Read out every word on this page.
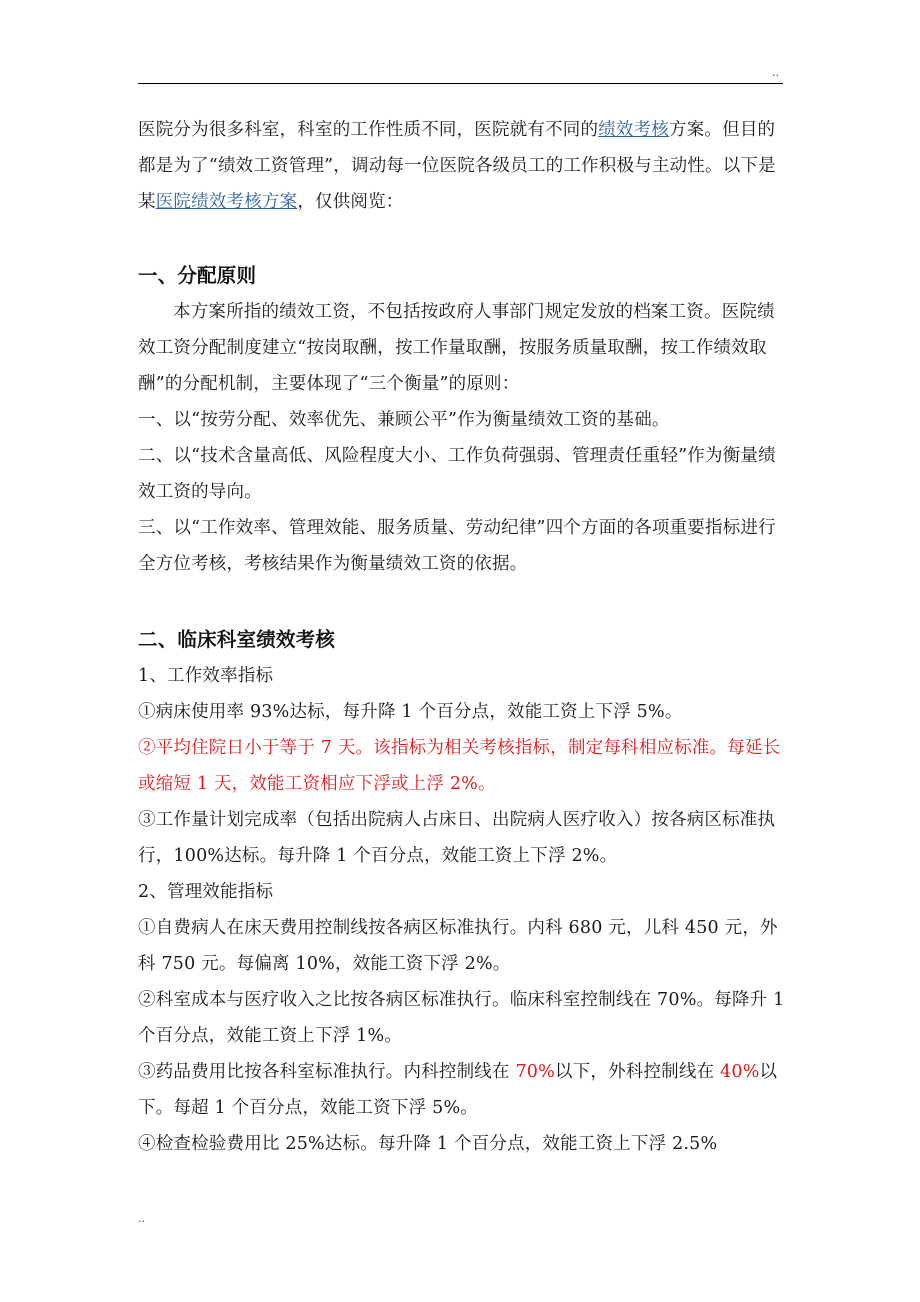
..

医院分为很多科室，科室的工作性质不同，医院就有不同的绩效考核方案。但目的都是为了“绩效工资管理”，调动每一位医院各级员工的工作积极与主动性。以下是某医院绩效考核方案，仅供阅览：

一、分配原则

本方案所指的绩效工资，不包括按政府人事部门规定发放的档案工资。医院绩效工资分配制度建立“按岗取酬，按工作量取酬，按服务质量取酬，按工作绩效取酬”的分配机制，主要体现了“三个衡量”的原则：

一、以“按劳分配、效率优先、兼顾公平”作为衡量绩效工资的基础。

二、以“技术含量高低、风险程度大小、工作负荷强弱、管理责任重轻”作为衡量绩效工资的导向。

三、以“工作效率、管理效能、服务质量、劳动纪律”四个方面的各项重要指标进行全方位考核，考核结果作为衡量绩效工资的依据。

二、临床科室绩效考核

1、工作效率指标

①病床使用率 93%达标，每升降 1 个百分点，效能工资上下浮 5%。

②平均住院日小于等于 7 天。该指标为相关考核指标，制定每科相应标准。每延长或缩短 1 天，效能工资相应下浮或上浮 2%。

③工作量计划完成率（包括出院病人占床日、出院病人医疗收入）按各病区标准执行，100%达标。每升降 1 个百分点，效能工资上下浮 2%。

2、管理效能指标

①自费病人在床天费用控制线按各病区标准执行。内科 680 元，儿科 450 元，外科 750 元。每偏离 10%，效能工资下浮 2%。

②科室成本与医疗收入之比按各病区标准执行。临床科室控制线在 70%。每降升 1 个百分点，效能工资上下浮 1%。

③药品费用比按各科室标准执行。内科控制线在 70%以下，外科控制线在 40%以下。每超 1 个百分点，效能工资下浮 5%。

④检查检验费用比 25%达标。每升降 1 个百分点，效能工资上下浮 2.5%

..
